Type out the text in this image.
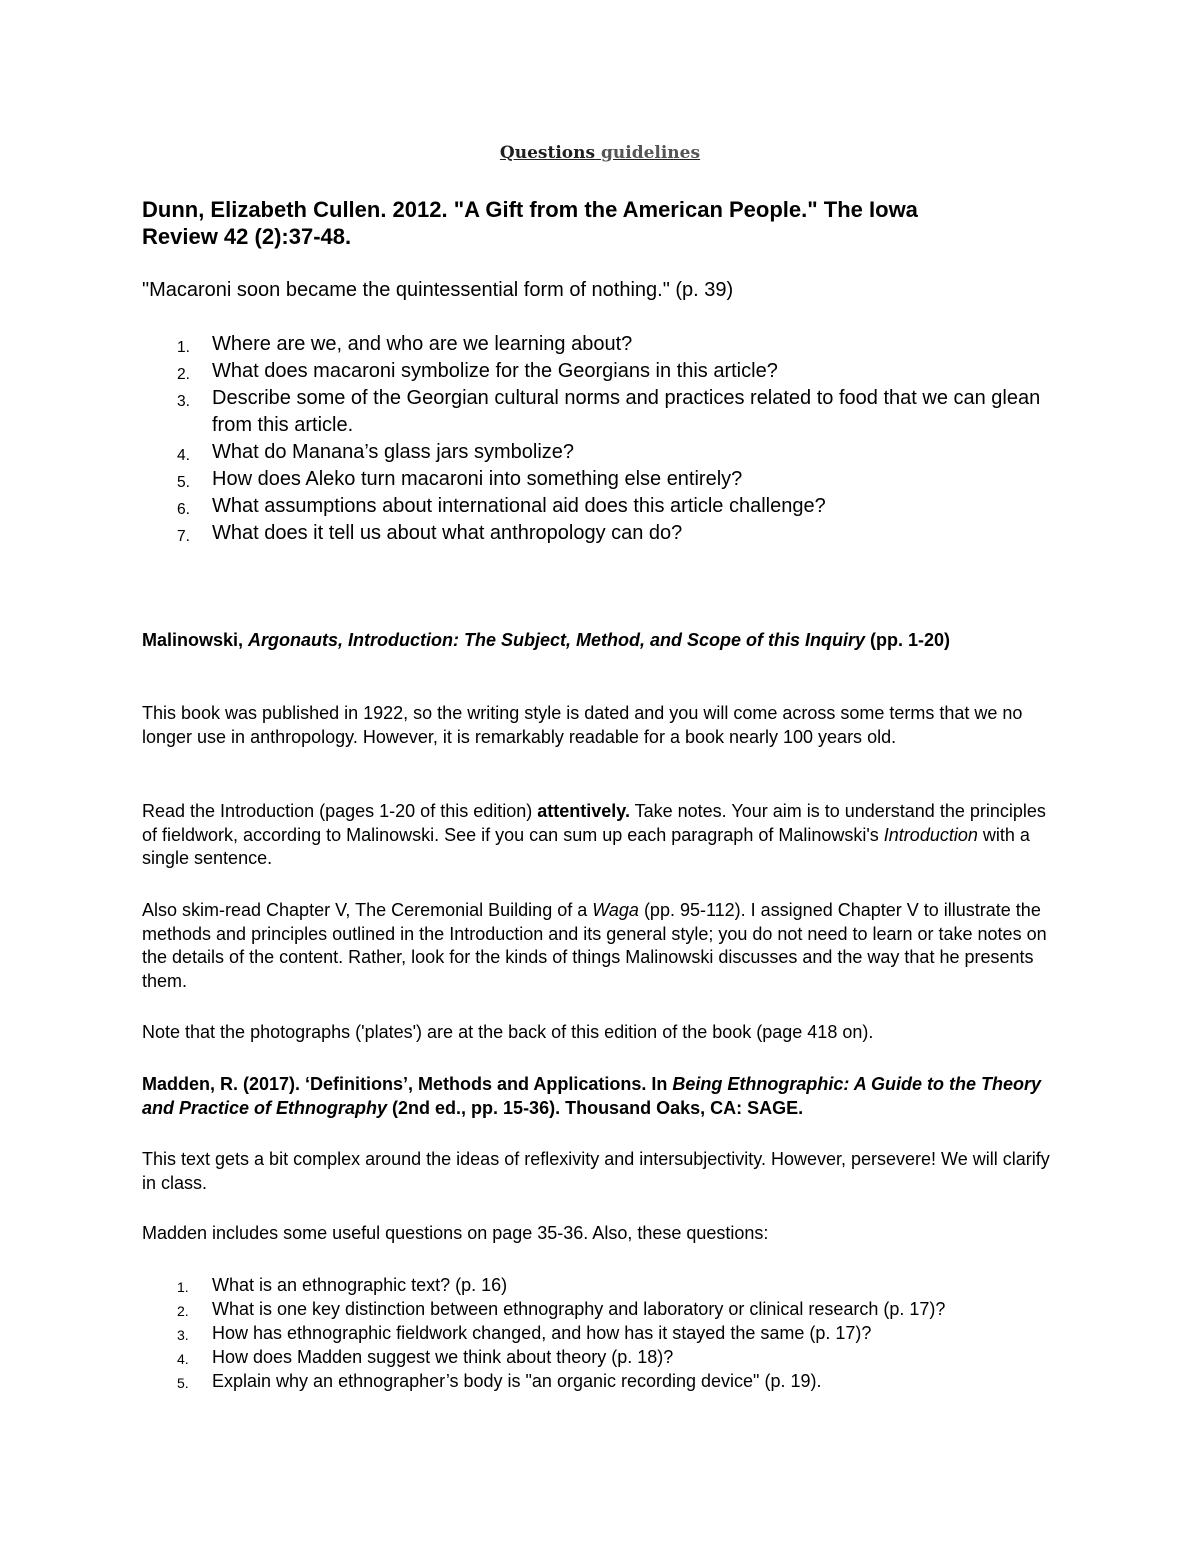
Questions guidelines
Dunn, Elizabeth Cullen. 2012. "A Gift from the American People." The Iowa
Review 42 (2):37-48.
"Macaroni soon became the quintessential form of nothing." (p. 39)
1. Where are we, and who are we learning about?
2. What does macaroni symbolize for the Georgians in this article?
3. Describe some of the Georgian cultural norms and practices related to food that we can glean from this article.
4. What do Manana’s glass jars symbolize?
5. How does Aleko turn macaroni into something else entirely?
6. What assumptions about international aid does this article challenge?
7. What does it tell us about what anthropology can do?
Malinowski, Argonauts, Introduction: The Subject, Method, and Scope of this Inquiry (pp. 1-20)
This book was published in 1922, so the writing style is dated and you will come across some terms that we no longer use in anthropology. However, it is remarkably readable for a book nearly 100 years old.
Read the Introduction (pages 1-20 of this edition) attentively. Take notes. Your aim is to understand the principles of fieldwork, according to Malinowski. See if you can sum up each paragraph of Malinowski's Introduction with a single sentence.
Also skim-read Chapter V, The Ceremonial Building of a Waga (pp. 95-112). I assigned Chapter V to illustrate the methods and principles outlined in the Introduction and its general style; you do not need to learn or take notes on the details of the content. Rather, look for the kinds of things Malinowski discusses and the way that he presents them.
Note that the photographs ('plates') are at the back of this edition of the book (page 418 on).
Madden, R. (2017). ‘Definitions’, Methods and Applications. In Being Ethnographic: A Guide to the Theory and Practice of Ethnography (2nd ed., pp. 15-36). Thousand Oaks, CA: SAGE.
This text gets a bit complex around the ideas of reflexivity and intersubjectivity. However, persevere! We will clarify in class.
Madden includes some useful questions on page 35-36. Also, these questions:
1. What is an ethnographic text? (p. 16)
2. What is one key distinction between ethnography and laboratory or clinical research (p. 17)?
3. How has ethnographic fieldwork changed, and how has it stayed the same (p. 17)?
4. How does Madden suggest we think about theory (p. 18)?
5. Explain why an ethnographer’s body is "an organic recording device" (p. 19).
